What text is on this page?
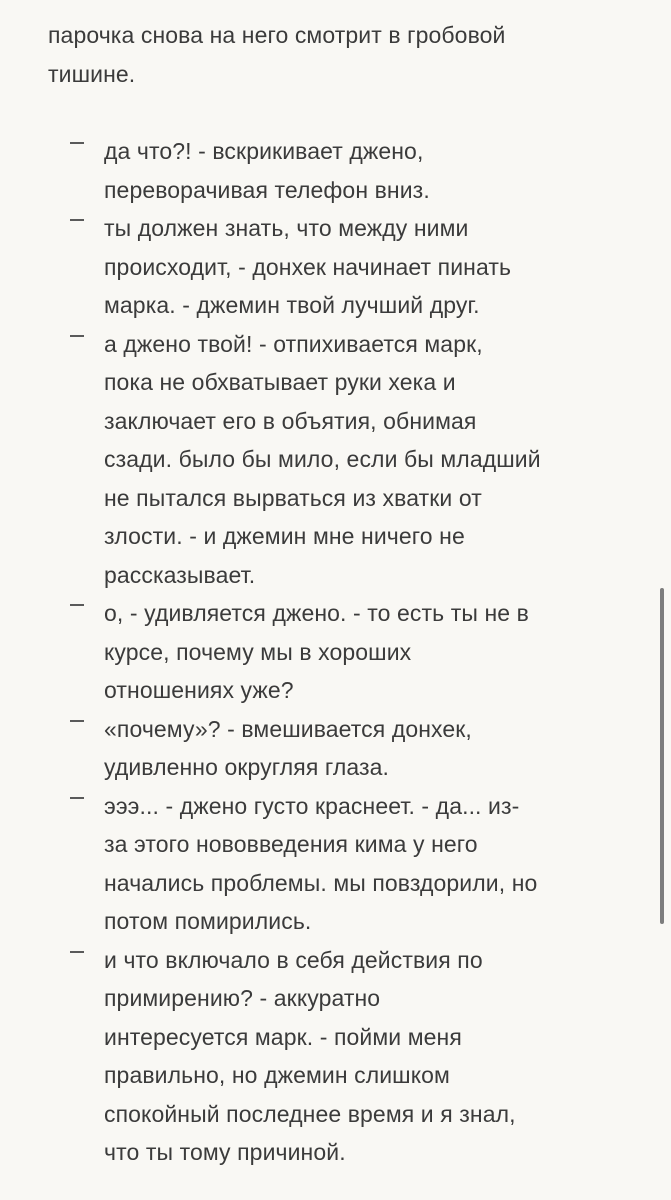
парочка снова на него смотрит в гробовой
тишине.

да что?! - вскрикивает джено,
переворачивая телефон вниз.
ты должен знать, что между ними
происходит, - донхек начинает пинать
марка. - джемин твой лучший друг.
а джено твой! - отпихивается марк,
пока не обхватывает руки хека и
заключает его в объятия, обнимая
сзади. было бы мило, если бы младший
не пытался вырваться из хватки от
злости. - и джемин мне ничего не
рассказывает.
о, - удивляется джено. - то есть ты не в
курсе, почему мы в хороших
отношениях уже?
«почему»? - вмешивается донхек,
удивленно округляя глаза.
эээ... - джено густо краснеет. - да... из-
за этого нововведения кима у него
начались проблемы. мы повздорили, но
потом помирились.
и что включало в себя действия по
примирению? - аккуратно
интересуется марк. - пойми меня
правильно, но джемин слишком
спокойный последнее время и я знал,
что ты тому причиной.
